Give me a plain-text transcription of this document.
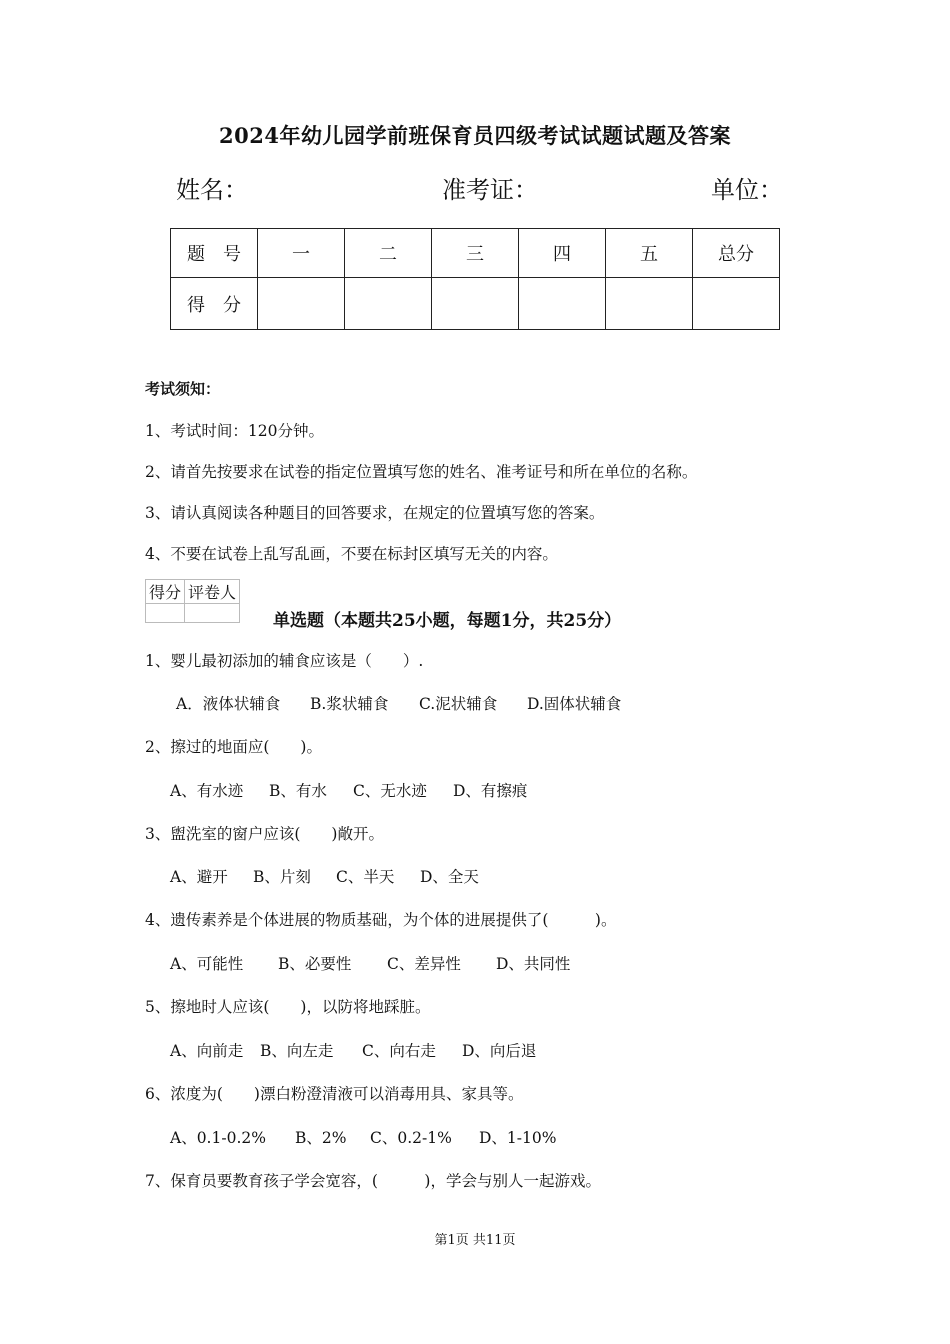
2024年幼儿园学前班保育员四级考试试题试题及答案
姓名：	准考证：	单位：
题　号	一	二	三	四	五	总分
得　分						
考试须知：
1、考试时间：120分钟。
2、请首先按要求在试卷的指定位置填写您的姓名、准考证号和所在单位的名称。
3、请认真阅读各种题目的回答要求，在规定的位置填写您的答案。
4、不要在试卷上乱写乱画，不要在标封区填写无关的内容。
得分	评卷人

单选题（本题共25小题，每题1分，共25分）
1、婴儿最初添加的辅食应该是（　　）.
A．液体状辅食 B.浆状辅食 C.泥状辅食 D.固体状辅食
2、擦过的地面应(　　)。
A、有水迹 B、有水 C、无水迹 D、有擦痕
3、盥洗室的窗户应该(　　)敞开。
A、避开 B、片刻 C、半天 D、全天
4、遗传素养是个体进展的物质基础，为个体的进展提供了(　　　)。
A、可能性 B、必要性 C、差异性 D、共同性
5、擦地时人应该(　　)，以防将地踩脏。
A、向前走 B、向左走 C、向右走 D、向后退
6、浓度为(　　)漂白粉澄清液可以消毒用具、家具等。
A、0.1-0.2% B、2% C、0.2-1% D、1-10%
7、保育员要教育孩子学会宽容，(　　　)，学会与别人一起游戏。
第1页 共11页
